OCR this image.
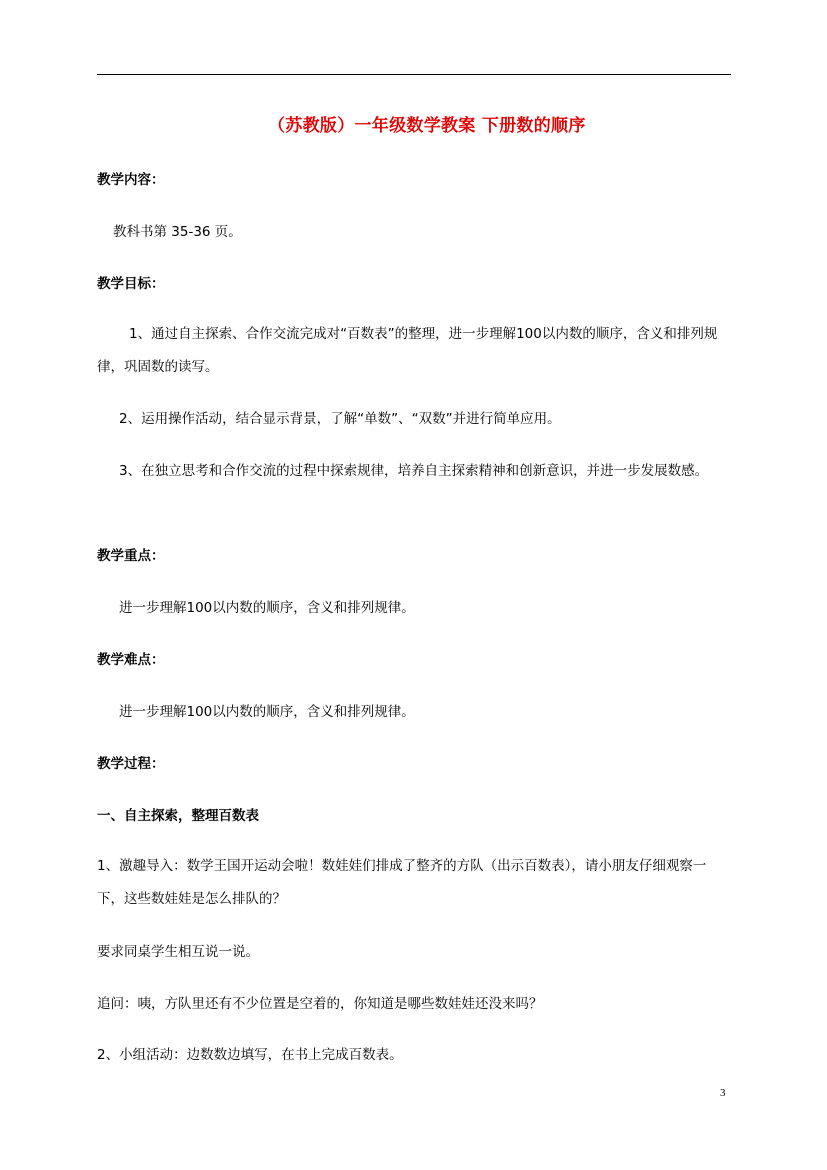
（苏教版）一年级数学教案 下册数的顺序
教学内容：
教科书第 35-36 页。
教学目标：
1、通过自主探索、合作交流完成对“百数表”的整理，进一步理解100以内数的顺序，含义和排列规律，巩固数的读写。
2、运用操作活动，结合显示背景，了解“单数”、“双数”并进行简单应用。
3、在独立思考和合作交流的过程中探索规律，培养自主探索精神和创新意识，并进一步发展数感。
教学重点：
进一步理解100以内数的顺序，含义和排列规律。
教学难点：
进一步理解100以内数的顺序，含义和排列规律。
教学过程：
一、自主探索，整理百数表
1、激趣导入：数学王国开运动会啦！数娃娃们排成了整齐的方队（出示百数表），请小朋友仔细观察一下，这些数娃娃是怎么排队的？
要求同桌学生相互说一说。
追问：咦，方队里还有不少位置是空着的，你知道是哪些数娃娃还没来吗？
2、小组活动：边数数边填写，在书上完成百数表。
3
